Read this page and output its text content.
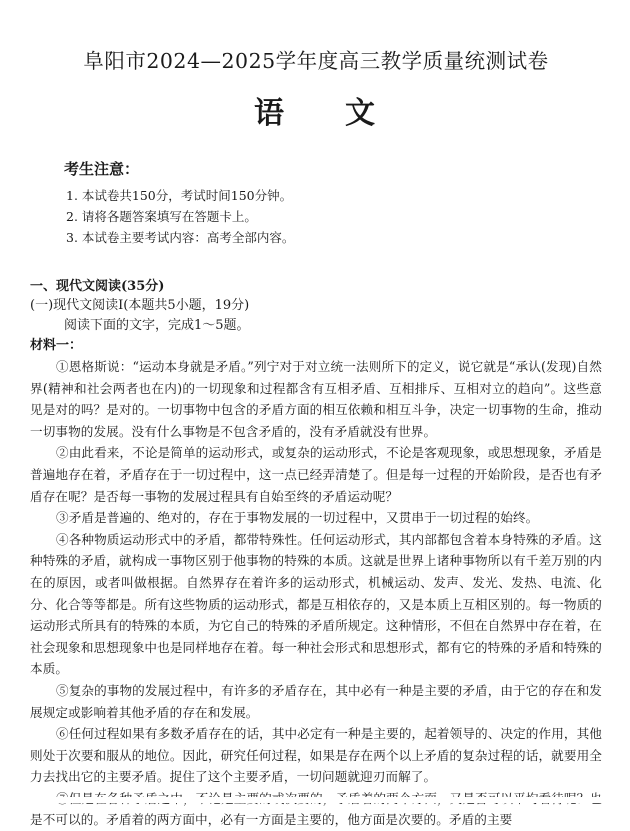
阜阳市2024—2025学年度高三教学质量统测试卷
语 文
考生注意：
1. 本试卷共150分，考试时间150分钟。
2. 请将各题答案填写在答题卡上。
3. 本试卷主要考试内容：高考全部内容。
一、现代文阅读(35分)
(一)现代文阅读Ⅰ(本题共5小题，19分)
阅读下面的文字，完成1～5题。
材料一：
①恩格斯说：“运动本身就是矛盾。”列宁对于对立统一法则所下的定义，说它就是“承认(发现)自然界(精神和社会两者也在内)的一切现象和过程都含有互相矛盾、互相排斥、互相对立的趋向”。这些意见是对的吗？是对的。一切事物中包含的矛盾方面的相互依赖和相互斗争，决定一切事物的生命，推动一切事物的发展。没有什么事物是不包含矛盾的，没有矛盾就没有世界。
②由此看来，不论是简单的运动形式，或复杂的运动形式，不论是客观现象，或思想现象，矛盾是普遍地存在着，矛盾存在于一切过程中，这一点已经弄清楚了。但是每一过程的开始阶段，是否也有矛盾存在呢？是否每一事物的发展过程具有自始至终的矛盾运动呢？
③矛盾是普遍的、绝对的，存在于事物发展的一切过程中，又贯串于一切过程的始终。
④各种物质运动形式中的矛盾，都带特殊性。任何运动形式，其内部都包含着本身特殊的矛盾。这种特殊的矛盾，就构成一事物区别于他事物的特殊的本质。这就是世界上诸种事物所以有千差万别的内在的原因，或者叫做根据。自然界存在着许多的运动形式，机械运动、发声、发光、发热、电流、化分、化合等等都是。所有这些物质的运动形式，都是互相依存的，又是本质上互相区别的。每一物质的运动形式所具有的特殊的本质，为它自己的特殊的矛盾所规定。这种情形，不但在自然界中存在着，在社会现象和思想现象中也是同样地存在着。每一种社会形式和思想形式，都有它的特殊的矛盾和特殊的本质。
⑤复杂的事物的发展过程中，有许多的矛盾存在，其中必有一种是主要的矛盾，由于它的存在和发展规定或影响着其他矛盾的存在和发展。
⑥任何过程如果有多数矛盾存在的话，其中必定有一种是主要的，起着领导的、决定的作用，其他则处于次要和服从的地位。因此，研究任何过程，如果是存在两个以上矛盾的复杂过程的话，就要用全力去找出它的主要矛盾。捉住了这个主要矛盾，一切问题就迎刃而解了。
是不可以的。矛盾着的两方面中，必有一方面是主要的，他方面是次要的。矛盾的主要
